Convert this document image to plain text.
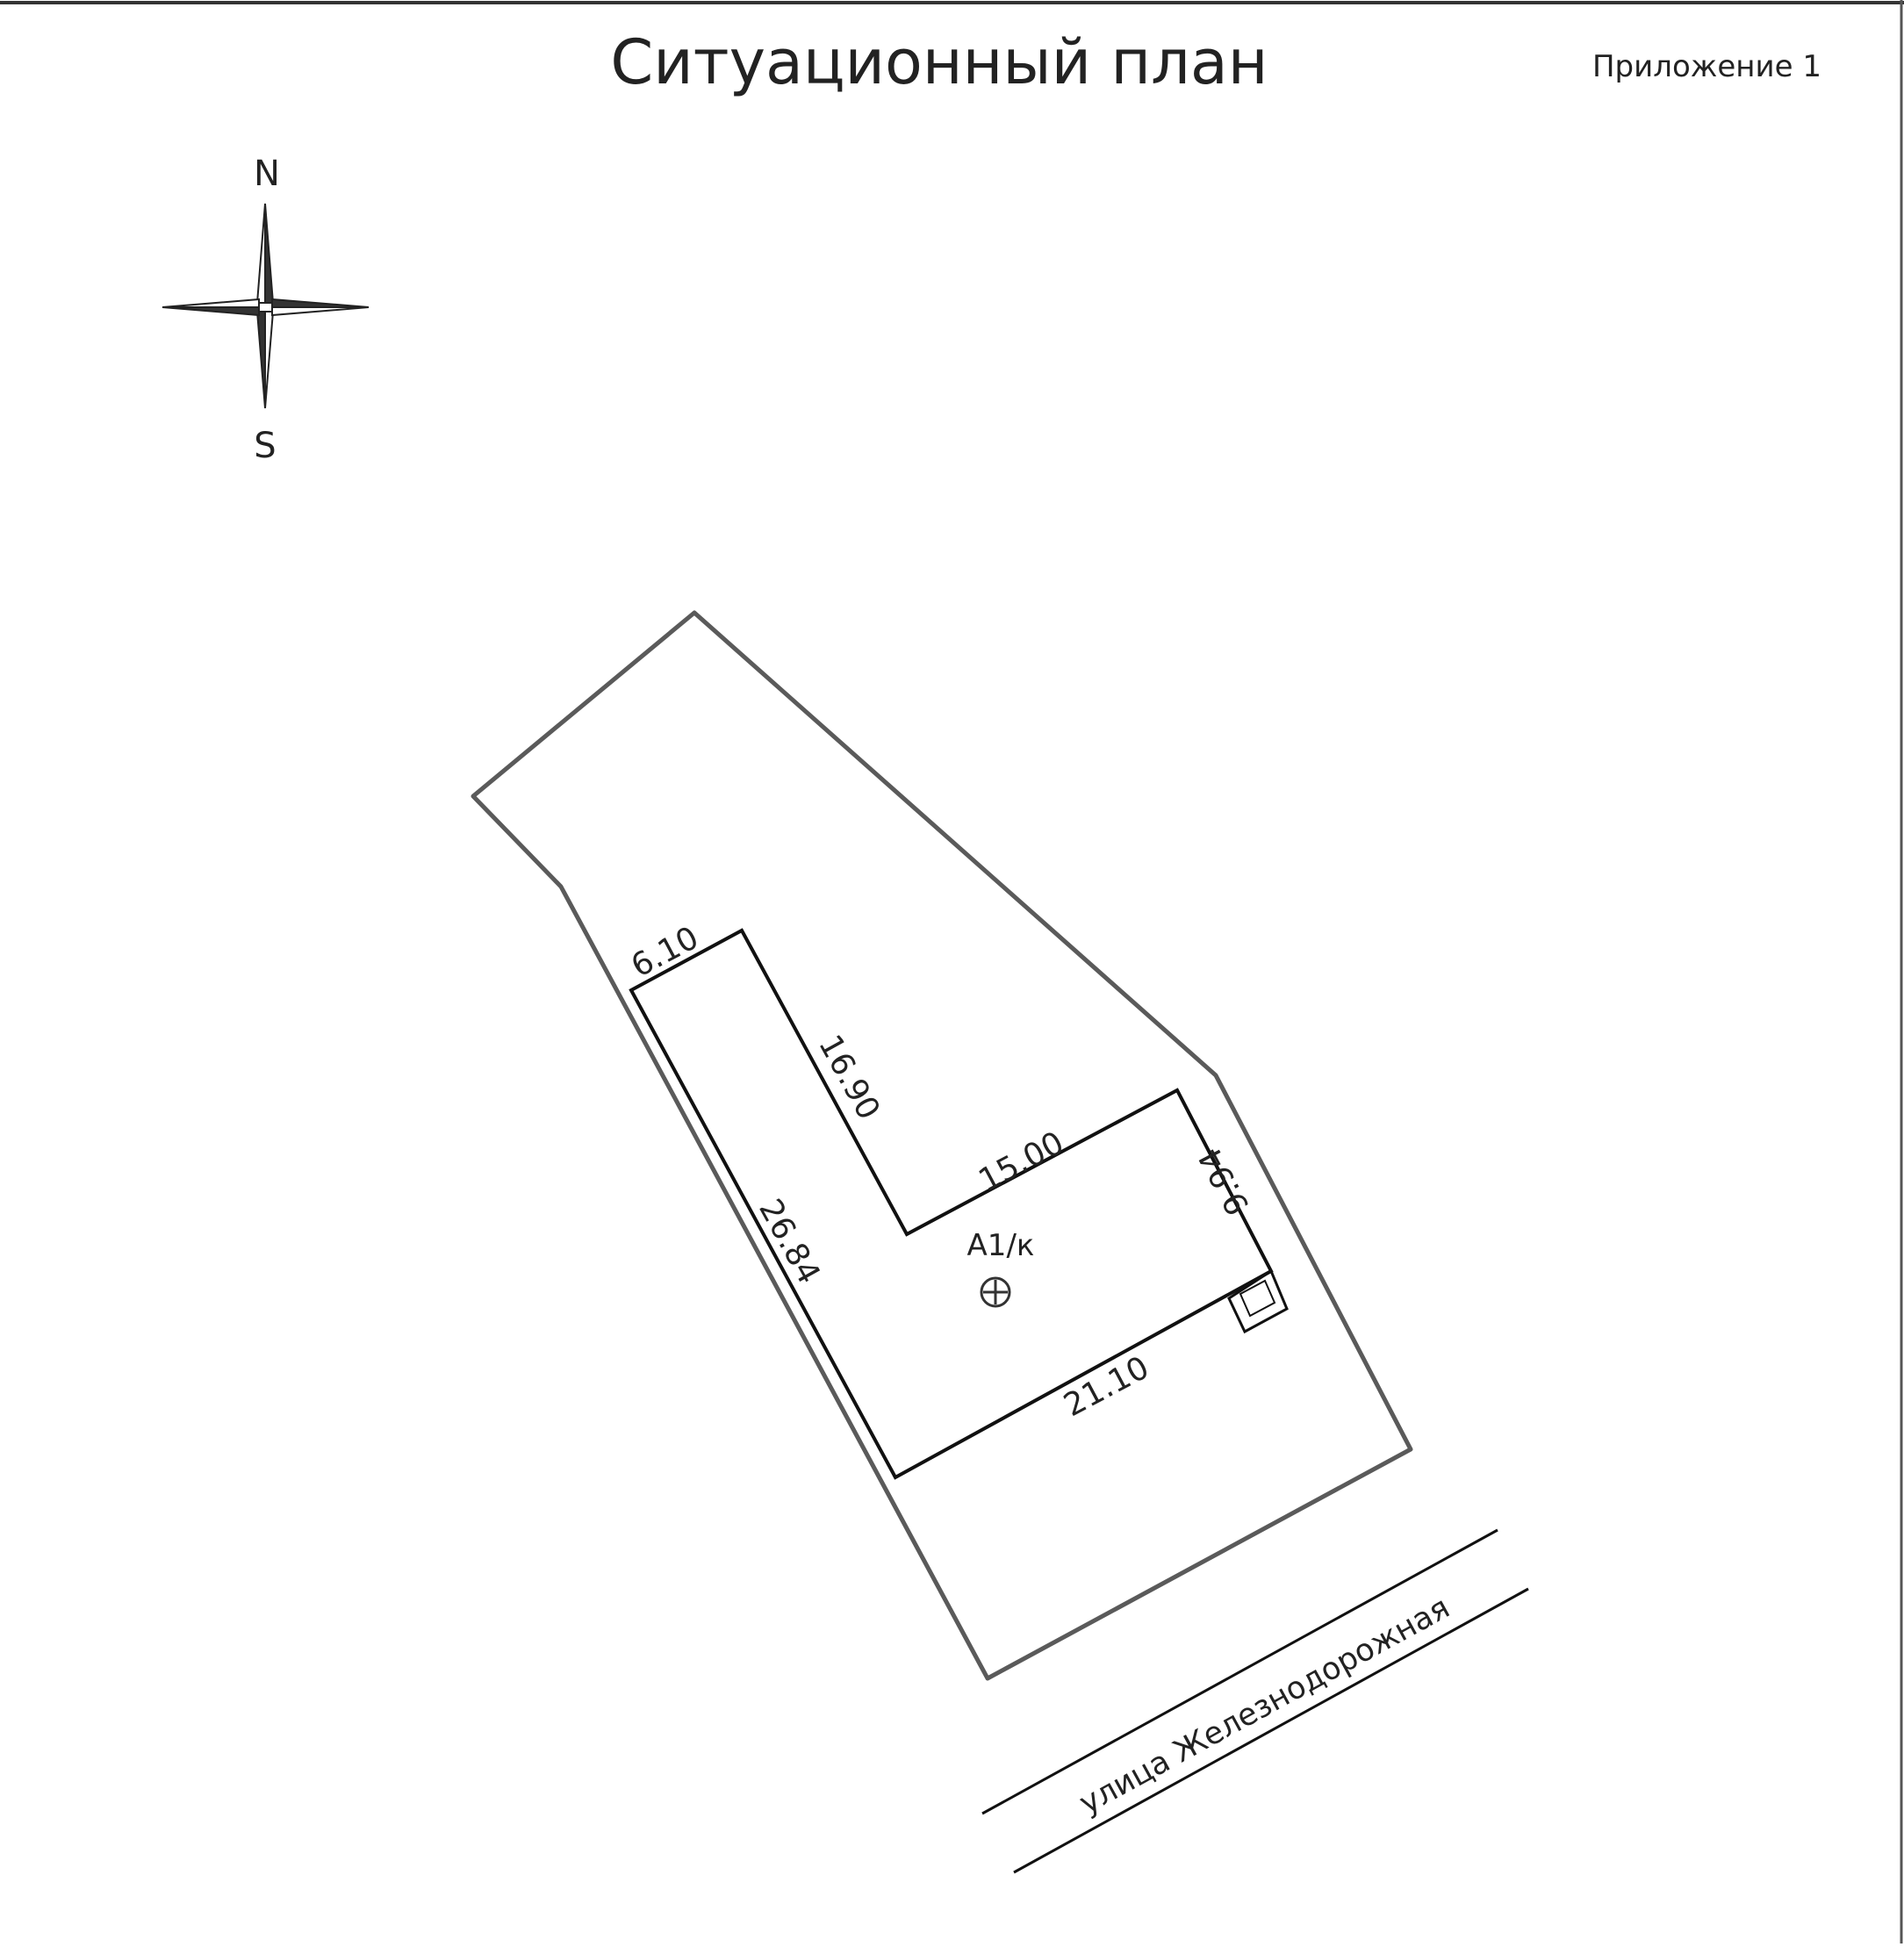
Ситуационный план	Приложение 1
N
S
6.10
16.90
15.00	9.94
21.10
26.84	А1/к
улица Железнодорожная
